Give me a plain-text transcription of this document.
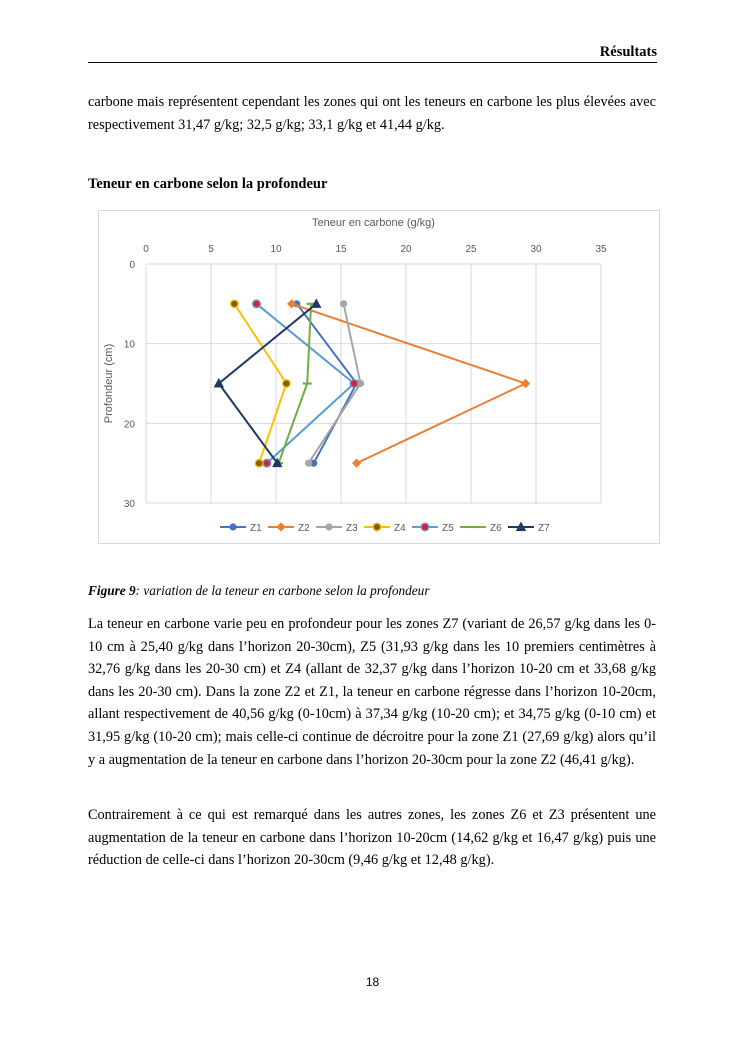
Résultats

carbone mais représentent cependant les zones qui ont les teneurs en carbone les plus élevées avec respectivement 31,47 g/kg; 32,5 g/kg; 33,1 g/kg et 41,44 g/kg.

Teneur en carbone selon la profondeur
Teneur en carbone (g/kg)
0	5	10	15	20	25	30	35
0
10
20
30
Profondeur (cm)
Z1	Z2	Z3	Z4	Z5	Z6	Z7
Figure 9: variation de la teneur en carbone selon la profondeur

La teneur en carbone varie peu en profondeur pour les zones Z7 (variant de 26,57 g/kg dans les 0-10 cm à 25,40 g/kg dans l’horizon 20-30cm), Z5 (31,93 g/kg dans les 10 premiers centimètres à 32,76 g/kg dans les 20-30 cm) et Z4 (allant de 32,37 g/kg dans l’horizon 10-20 cm et 33,68 g/kg dans les 20-30 cm). Dans la zone Z2 et Z1, la teneur en carbone régresse dans l’horizon 10-20cm, allant respectivement de 40,56 g/kg (0-10cm) à 37,34 g/kg (10-20 cm); et 34,75 g/kg (0-10 cm) et 31,95 g/kg (10-20 cm); mais celle-ci continue de décroitre pour la zone Z1 (27,69 g/kg) alors qu’il y a augmentation de la teneur en carbone dans l’horizon 20-30cm pour la zone Z2 (46,41 g/kg).

Contrairement à ce qui est remarqué dans les autres zones, les zones Z6 et Z3 présentent une augmentation de la teneur en carbone dans l’horizon 10-20cm (14,62 g/kg et 16,47 g/kg) puis une réduction de celle-ci dans l’horizon 20-30cm (9,46 g/kg et 12,48 g/kg).

18
